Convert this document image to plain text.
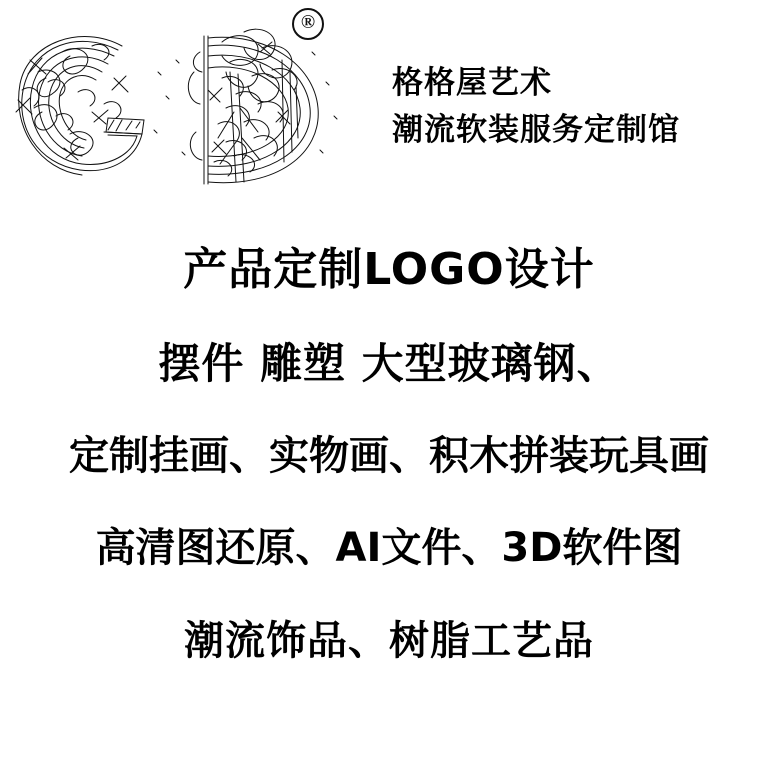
®
格格屋艺术
潮流软装服务定制馆
产品定制LOGO设计
摆件 雕塑 大型玻璃钢、
定制挂画、实物画、积木拼装玩具画
高清图还原、AI文件、3D软件图
潮流饰品、树脂工艺品
